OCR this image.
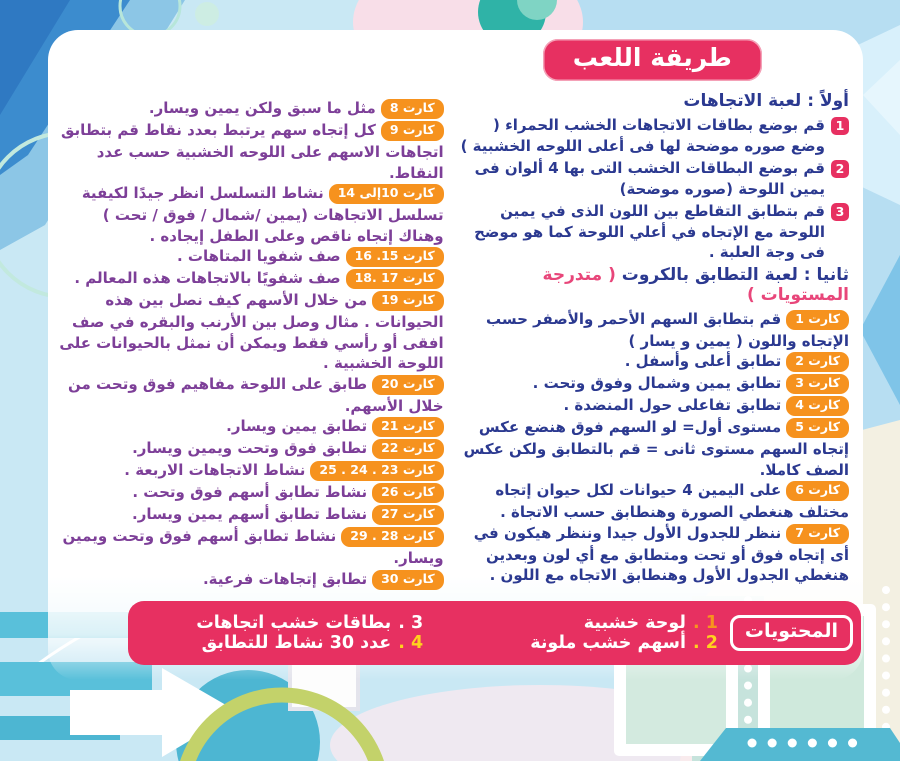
طريقة اللعب
أولاً : لعبة الاتجاهات
1
قم بوضع بطاقات الاتجاهات الخشب الحمراء ( وضع صوره موضحة لها فى أعلى اللوحه الخشبية )
2
قم بوضع البطاقات الخشب التى بها 4 ألوان فى يمين اللوحة (صوره موضحة)
3
قم بتطابق التقاطع بين اللون الذى في يمين اللوحة مع الإتجاه في أعلي اللوحة كما هو موضح فى وجة العلبة .
ثانيا : لعبة التطابق بالكروت ( متدرجة المستويات )

كارت 1قم بتطابق السهم الأحمر والأصفر حسب الإتجاه واللون ( يمين و يسار )

كارت 2تطابق أعلى وأسفل .

كارت 3تطابق يمين وشمال وفوق وتحت .

كارت 4تطابق تفاعلى حول المنضدة .

كارت 5مستوى أول= لو السهم فوق هنضع عكس إتجاه السهم مستوى ثانى = قم بالتطابق ولكن عكس الصف كاملا.

كارت 6على اليمين 4 حيوانات لكل حيوان إتجاه مختلف هنغطي الصورة وهنطابق حسب الاتجاة .

كارت 7ننظر للجدول الأول جيدا وننظر هيكون في أى إتجاه فوق أو تحت ومتطابق مع أي لون وبعدين هنغطي الجدول الأول وهنطابق الاتجاه مع اللون .

كارت 8مثل ما سبق ولكن يمين ويسار.

كارت 9كل إتجاه سهم يرتبط بعدد نقاط قم بتطابق اتجاهات الاسهم على اللوحه الخشبية حسب عدد النقاط.

كارت 10إلى 14نشاط التسلسل انظر جيدًا لكيفية تسلسل الاتجاهات (يمين /شمال / فوق / تحت ) وهناك إتجاه ناقص وعلى الطفل إيجاده .

كارت 15. 16صف شفويا المتاهات .

كارت 17 .18صف شفويًا بالاتجاهات هذه المعالم .

كارت 19من خلال الأسهم كيف نصل بين هذه الحيوانات . مثال وصل بين الأرنب والبقره في صف افقى أو رأسي فقط ويمكن أن نمثل بالحيوانات على اللوحة الخشبية .

كارت 20طابق على اللوحة مفاهيم فوق وتحت من خلال الأسهم.

كارت 21تطابق يمين ويسار.

كارت 22تطابق فوق وتحت ويمين ويسار.

كارت 23 . 24 . 25نشاط الاتجاهات الاربعة .

كارت 26نشاط تطابق أسهم فوق وتحت .

كارت 27نشاط تطابق أسهم يمين ويسار.

كارت 28 . 29نشاط تطابق أسهم فوق وتحت ويمين ويسار.

كارت 30تطابق إتجاهات فرعية.

المحتويات
1 .
لوحة خشبية
2 .
أسهم خشب ملونة
3 .
بطاقات خشب اتجاهات
4 .
عدد 30 نشاط للتطابق
